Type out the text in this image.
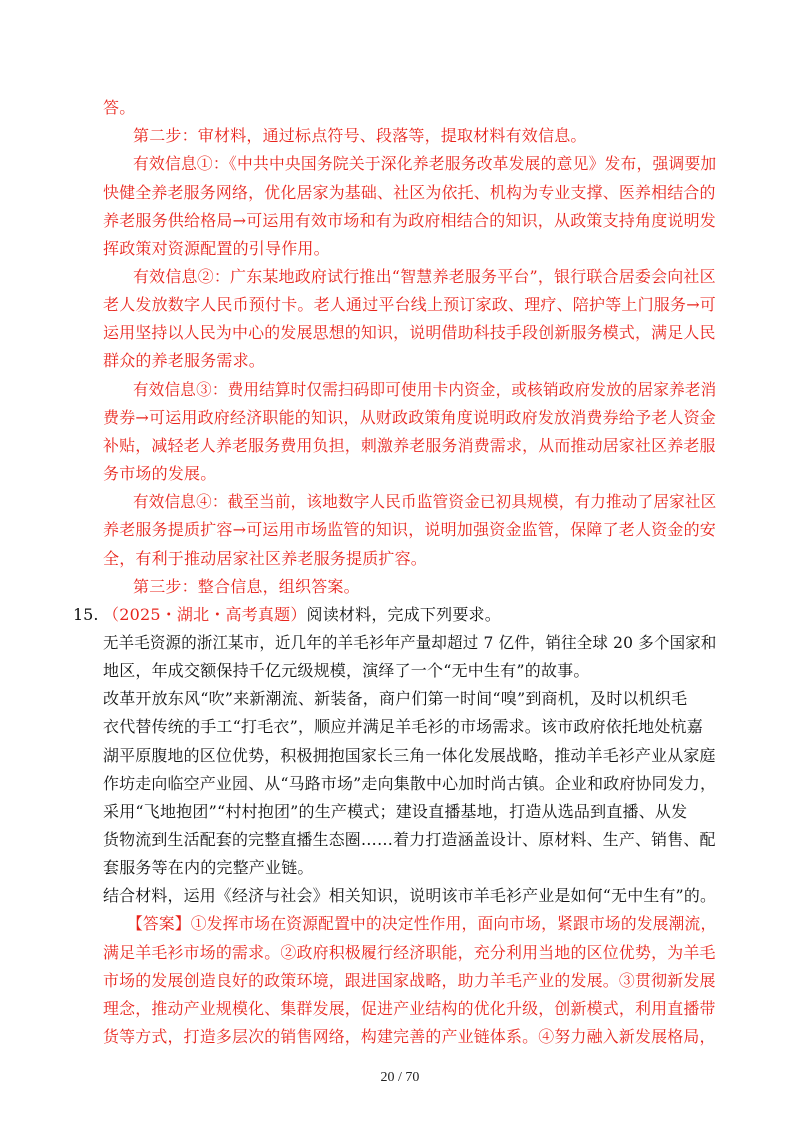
答。
第二步：审材料，通过标点符号、段落等，提取材料有效信息。
有效信息①：《中共中央国务院关于深化养老服务改革发展的意见》发布，强调要加
快健全养老服务网络，优化居家为基础、社区为依托、机构为专业支撑、医养相结合的
养老服务供给格局→可运用有效市场和有为政府相结合的知识，从政策支持角度说明发
挥政策对资源配置的引导作用。
有效信息②：广东某地政府试行推出“智慧养老服务平台”，银行联合居委会向社区
老人发放数字人民币预付卡。老人通过平台线上预订家政、理疗、陪护等上门服务→可
运用坚持以人民为中心的发展思想的知识，说明借助科技手段创新服务模式，满足人民
群众的养老服务需求。
有效信息③：费用结算时仅需扫码即可使用卡内资金，或核销政府发放的居家养老消
费券→可运用政府经济职能的知识，从财政政策角度说明政府发放消费券给予老人资金
补贴，减轻老人养老服务费用负担，刺激养老服务消费需求，从而推动居家社区养老服
务市场的发展。
有效信息④：截至当前，该地数字人民币监管资金已初具规模，有力推动了居家社区
养老服务提质扩容→可运用市场监管的知识，说明加强资金监管，保障了老人资金的安
全，有利于推动居家社区养老服务提质扩容。
第三步：整合信息，组织答案。
15. （2025・湖北・高考真题）阅读材料，完成下列要求。
无羊毛资源的浙江某市，近几年的羊毛衫年产量却超过 7 亿件，销往全球 20 多个国家和
地区，年成交额保持千亿元级规模，演绎了一个“无中生有”的故事。
改革开放东风“吹”来新潮流、新装备，商户们第一时间“嗅”到商机，及时以机织毛
衣代替传统的手工“打毛衣”，顺应并满足羊毛衫的市场需求。该市政府依托地处杭嘉
湖平原腹地的区位优势，积极拥抱国家长三角一体化发展战略，推动羊毛衫产业从家庭
作坊走向临空产业园、从“马路市场”走向集散中心加时尚古镇。企业和政府协同发力，
采用“飞地抱团”“村村抱团”的生产模式；建设直播基地，打造从选品到直播、从发
货物流到生活配套的完整直播生态圈……着力打造涵盖设计、原材料、生产、销售、配
套服务等在内的完整产业链。
结合材料，运用《经济与社会》相关知识，说明该市羊毛衫产业是如何“无中生有”的。
【答案】①发挥市场在资源配置中的决定性作用，面向市场，紧跟市场的发展潮流，
满足羊毛衫市场的需求。②政府积极履行经济职能，充分利用当地的区位优势，为羊毛
市场的发展创造良好的政策环境，跟进国家战略，助力羊毛产业的发展。③贯彻新发展
理念，推动产业规模化、集群发展，促进产业结构的优化升级，创新模式，利用直播带
货等方式，打造多层次的销售网络，构建完善的产业链体系。④努力融入新发展格局，
20 / 70
